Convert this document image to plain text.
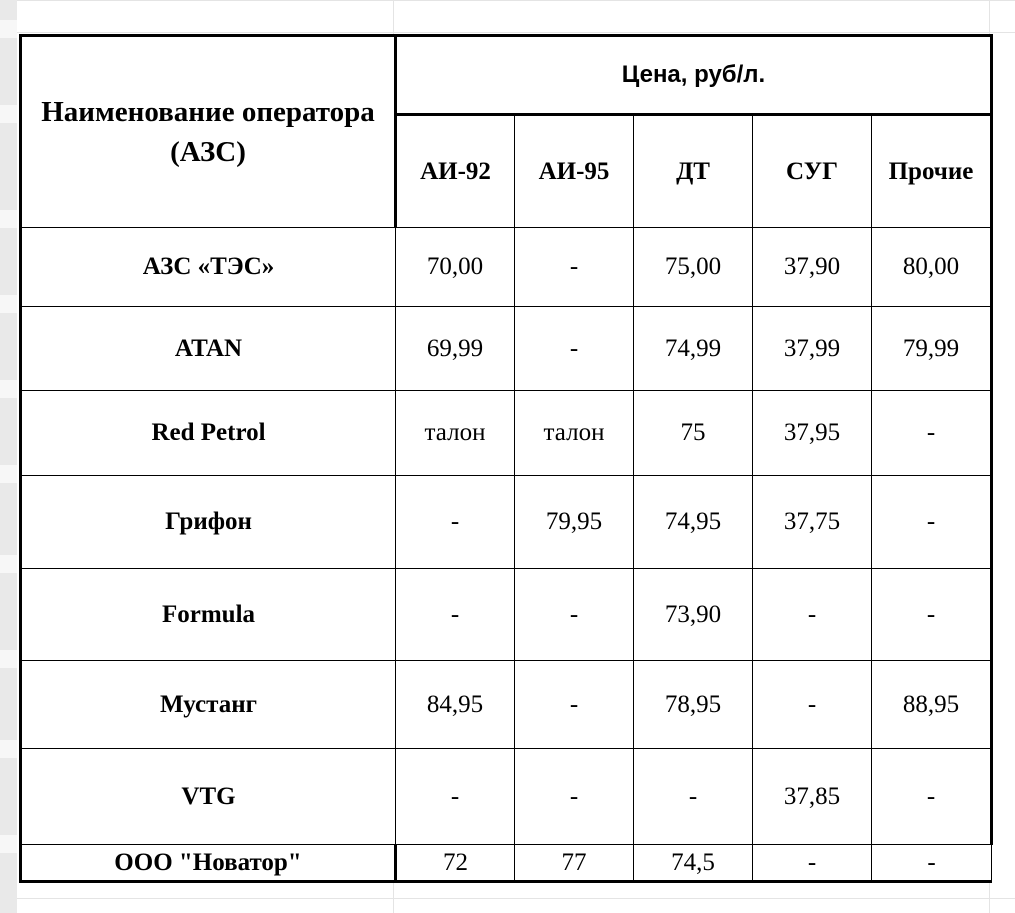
Наименование оператора (АЗС)	Цена, руб/л.				
	АИ-92	АИ-95	ДТ	СУГ	Прочие
АЗС «ТЭС»	70,00	-	75,00	37,90	80,00
ATAN	69,99	-	74,99	37,99	79,99
Red Petrol	талон	талон	75	37,95	-
Грифон	-	79,95	74,95	37,75	-
Formula	-	-	73,90	-	-
Мустанг	84,95	-	78,95	-	88,95
VTG	-	-	-	37,85	-
ООО "Новатор"	72	77	74,5	-	-
